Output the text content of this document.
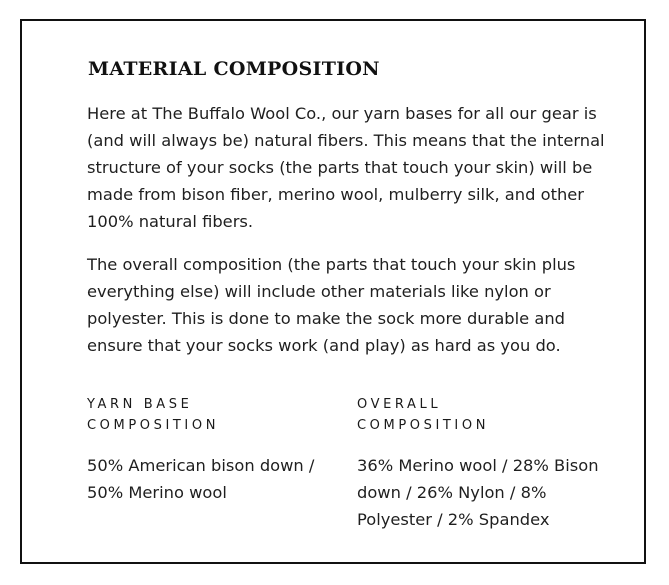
MATERIAL COMPOSITION

Here at The Buffalo Wool Co., our yarn bases for all our gear is

(and will always be) natural fibers. This means that the internal

structure of your socks (the parts that touch your skin) will be

made from bison fiber, merino wool, mulberry silk, and other

100% natural fibers.

The overall composition (the parts that touch your skin plus

everything else) will include other materials like nylon or

polyester. This is done to make the sock more durable and

ensure that your socks work (and play) as hard as you do.

YARN BASE

COMPOSITION

OVERALL

COMPOSITION

50% American bison down /

50% Merino wool

36% Merino wool / 28% Bison

down / 26% Nylon / 8%

Polyester / 2% Spandex
